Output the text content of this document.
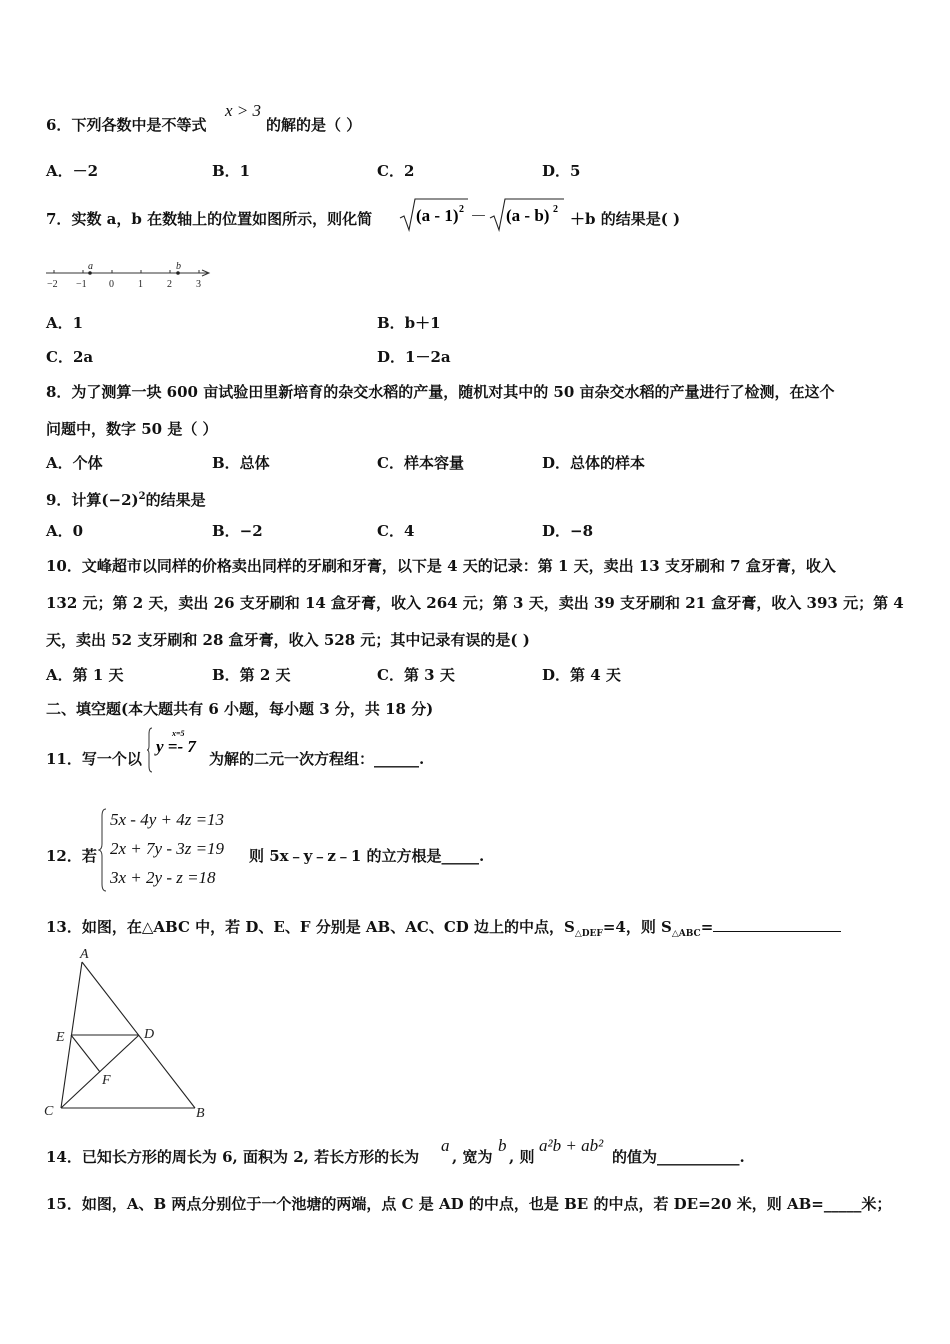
6．下列各数中是不等式
x > 3
的解的是（ ）
A．－2	B．1	C．2	D．5
7．实数 a，b 在数轴上的位置如图所示，则化简	(a - 1) 2 － (a - b) 2
＋b 的结果是( )
−2 −1 0 1 2 3
a	b
A．1	B．b＋1
C．2a	D．1－2a
8．为了测算一块 600 亩试验田里新培育的杂交水稻的产量，随机对其中的 50 亩杂交水稻的产量进行了检测，在这个
问题中，数字 50 是（ ）
A．个体	B．总体	C．样本容量	D．总体的样本
9．计算$(-2)^2$的结果是
A．0	B．−2	C．4	D．−8
10．文峰超市以同样的价格卖出同样的牙刷和牙膏，以下是 4 天的记录：第 1 天，卖出 13 支牙刷和 7 盒牙膏，收入
132 元；第 2 天，卖出 26 支牙刷和 14 盒牙膏，收入 264 元；第 3 天，卖出 39 支牙刷和 21 盒牙膏，收入 393 元；第 4
天，卖出 52 支牙刷和 28 盒牙膏，收入 528 元；其中记录有误的是( )
A．第 1 天	B．第 2 天	C．第 3 天	D．第 4 天
二、填空题(本大题共有 6 小题，每小题 3 分，共 18 分)
11．写一个以
x=5
y =- 7
为解的二元一次方程组：______.
12．若
5x - 4y + 4z =13
2x + 7y - 3z =19
3x + 2y - z =18
则 5x﹣y﹣z﹣1 的立方根是_____.
13．如图，在△ABC 中，若 D、E、F 分别是 AB、AC、CD 边上的中点，$S_{\triangle DEF}=4$，则 $S_{\triangle ABC}=$
A
E	D
F
C	B
14．已知长方形的周长为 6, 面积为 2, 若长方形的长为
a
, 宽为
b
, 则
a²b + ab²
的值为___________.
15．如图，A、B 两点分别位于一个池塘的两端，点 C 是 AD 的中点，也是 BE 的中点，若 DE=20 米，则 AB=_____米；
